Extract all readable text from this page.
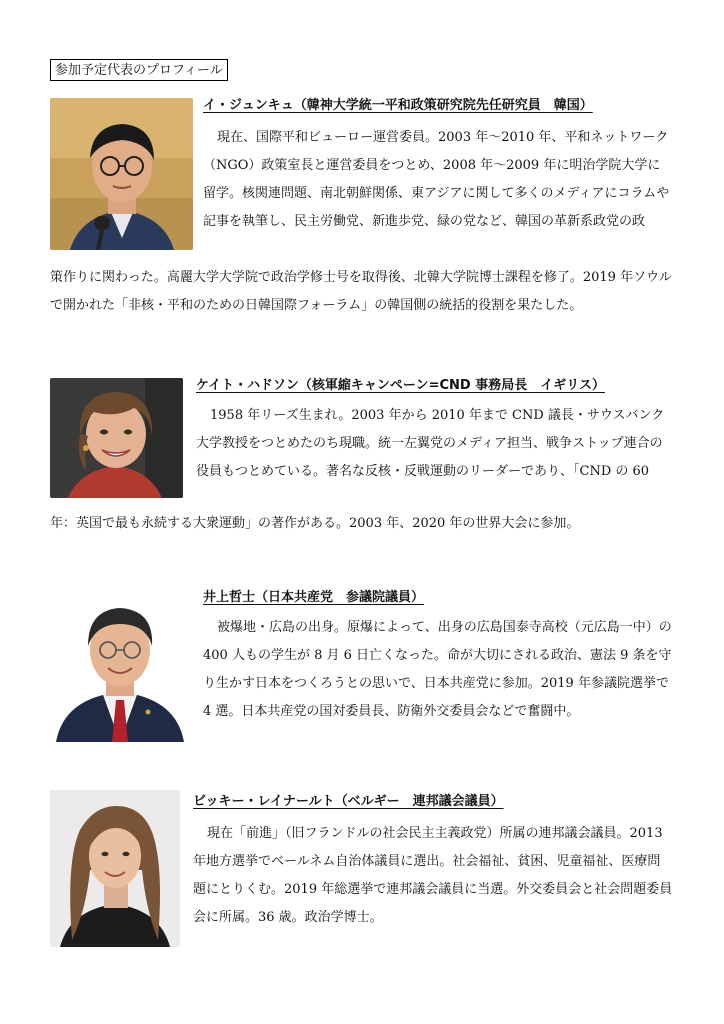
参加予定代表のプロフィール
イ・ジュンキュ（韓神大学統一平和政策研究院先任研究員　韓国）

現在、国際平和ビューロー運営委員。2003 年～2010 年、平和ネットワーク（NGO）政策室長と運営委員をつとめ、2008 年～2009 年に明治学院大学に留学。核関連問題、南北朝鮮関係、東アジアに関して多くのメディアにコラムや記事を執筆し、民主労働党、新進歩党、緑の党など、韓国の革新系政党の政

策作りに関わった。高麗大学大学院で政治学修士号を取得後、北韓大学院博士課程を修了。2019 年ソウルで開かれた「非核・平和のための日韓国際フォーラム」の韓国側の統括的役割を果たした。

ケイト・ハドソン（核軍縮キャンペーン=CND 事務局長　イギリス）

1958 年リーズ生まれ。2003 年から 2010 年まで CND 議長・サウスバンク大学教授をつとめたのち現職。統一左翼党のメディア担当、戦争ストップ連合の役員もつとめている。著名な反核・反戦運動のリーダーであり、「CND の 60

年：英国で最も永続する大衆運動」の著作がある。2003 年、2020 年の世界大会に参加。

井上哲士（日本共産党　参議院議員）

被爆地・広島の出身。原爆によって、出身の広島国泰寺高校（元広島一中）の 400 人もの学生が 8 月 6 日亡くなった。命が大切にされる政治、憲法 9 条を守り生かす日本をつくろうとの思いで、日本共産党に参加。2019 年参議院選挙で 4 選。日本共産党の国対委員長、防衛外交委員会などで奮闘中。

ビッキー・レイナールト（ベルギー　連邦議会議員）

現在「前進」（旧フランドルの社会民主主義政党）所属の連邦議会議員。2013 年地方選挙でベールネム自治体議員に選出。社会福祉、貧困、児童福祉、医療問題にとりくむ。2019 年総選挙で連邦議会議員に当選。外交委員会と社会問題委員会に所属。36 歳。政治学博士。
